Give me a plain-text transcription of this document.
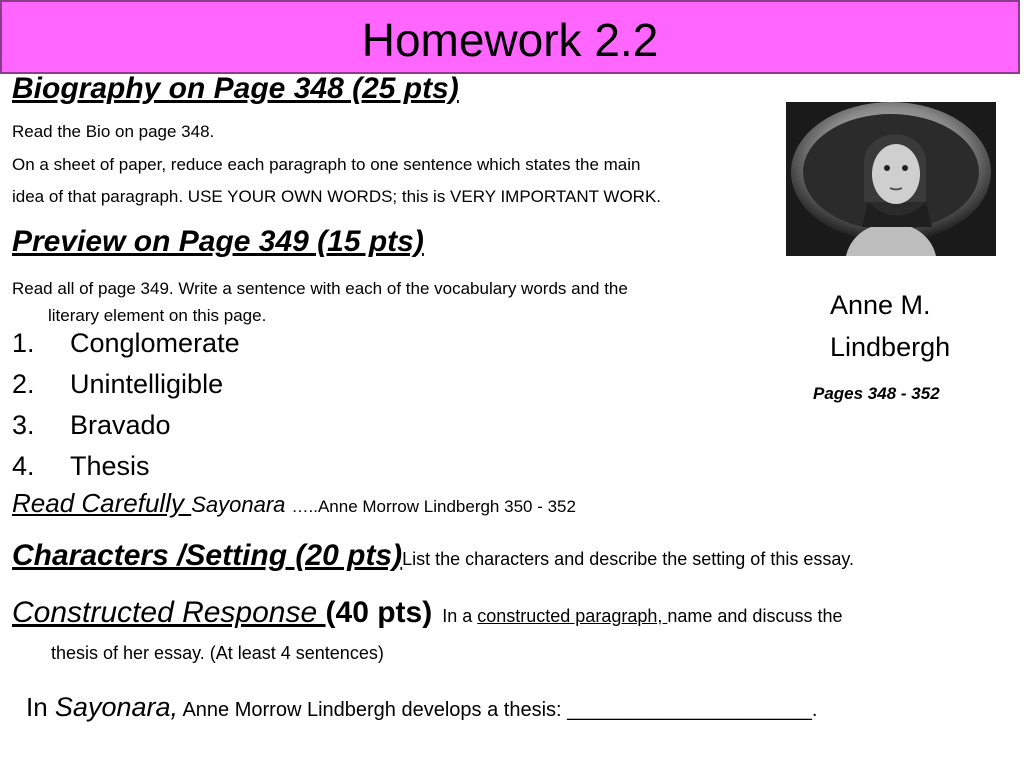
Homework 2.2
Biography on Page 348 (25 pts)
Read the Bio on page 348.
On a sheet of paper, reduce each paragraph to one sentence which states the main
idea of that paragraph. USE YOUR OWN WORDS; this is VERY IMPORTANT WORK.
Preview on Page 349 (15 pts)
Read all of page 349. Write a sentence with each of the vocabulary words and the
literary element on this page.
1. Conglomerate
2. Unintelligible
3. Bravado
4. Thesis
Anne M.
Lindbergh
Pages 348 - 352
Read Carefully Sayonara …..Anne Morrow Lindbergh 350 - 352
Characters /Setting (20 pts)List the characters and describe the setting of this essay.
Constructed Response (40 pts) In a constructed paragraph, name and discuss the
thesis of her essay. (At least 4 sentences)
In Sayonara, Anne Morrow Lindbergh develops a thesis: ______________________.
